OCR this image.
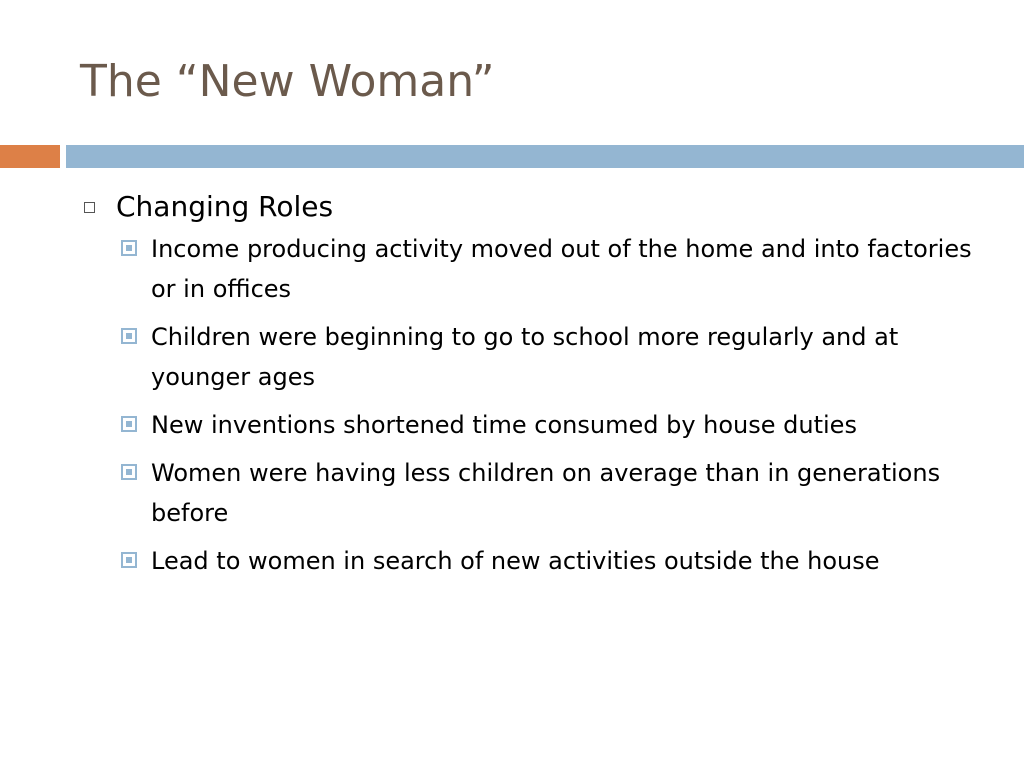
The “New Woman”
Changing Roles
Income producing activity moved out of the home and into factories or in offices
Children were beginning to go to school more regularly and at younger ages
New inventions shortened time consumed by house duties
Women were having less children on average than in generations before
Lead to women in search of new activities outside the house
